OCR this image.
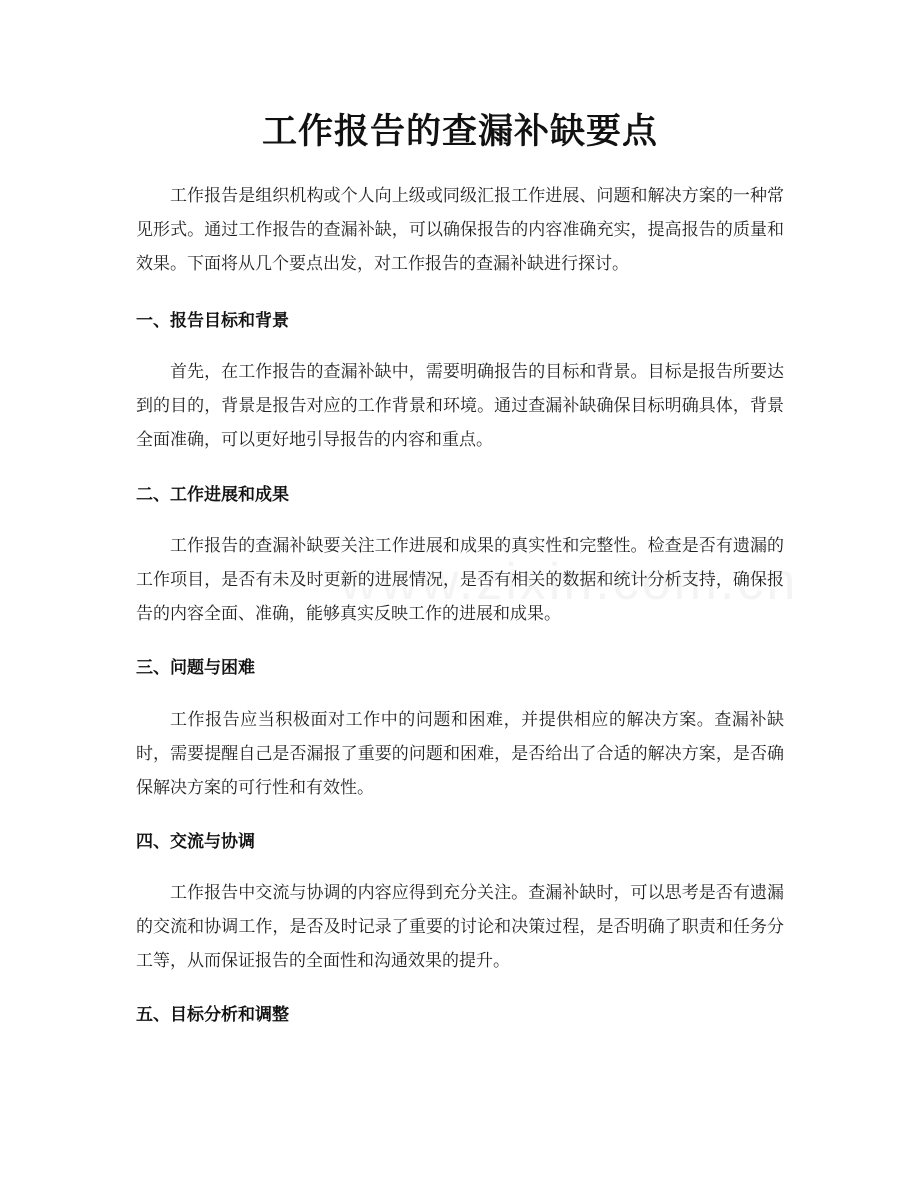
工作报告的查漏补缺要点

工作报告是组织机构或个人向上级或同级汇报工作进展、问题和解决方案的一种常见形式。通过工作报告的查漏补缺，可以确保报告的内容准确充实，提高报告的质量和效果。下面将从几个要点出发，对工作报告的查漏补缺进行探讨。

一、报告目标和背景

首先，在工作报告的查漏补缺中，需要明确报告的目标和背景。目标是报告所要达到的目的，背景是报告对应的工作背景和环境。通过查漏补缺确保目标明确具体，背景全面准确，可以更好地引导报告的内容和重点。

二、工作进展和成果

工作报告的查漏补缺要关注工作进展和成果的真实性和完整性。检查是否有遗漏的工作项目，是否有未及时更新的进展情况，是否有相关的数据和统计分析支持，确保报告的内容全面、准确，能够真实反映工作的进展和成果。

三、问题与困难

工作报告应当积极面对工作中的问题和困难，并提供相应的解决方案。查漏补缺时，需要提醒自己是否漏报了重要的问题和困难，是否给出了合适的解决方案，是否确保解决方案的可行性和有效性。

四、交流与协调

工作报告中交流与协调的内容应得到充分关注。查漏补缺时，可以思考是否有遗漏的交流和协调工作，是否及时记录了重要的讨论和决策过程，是否明确了职责和任务分工等，从而保证报告的全面性和沟通效果的提升。

五、目标分析和调整
